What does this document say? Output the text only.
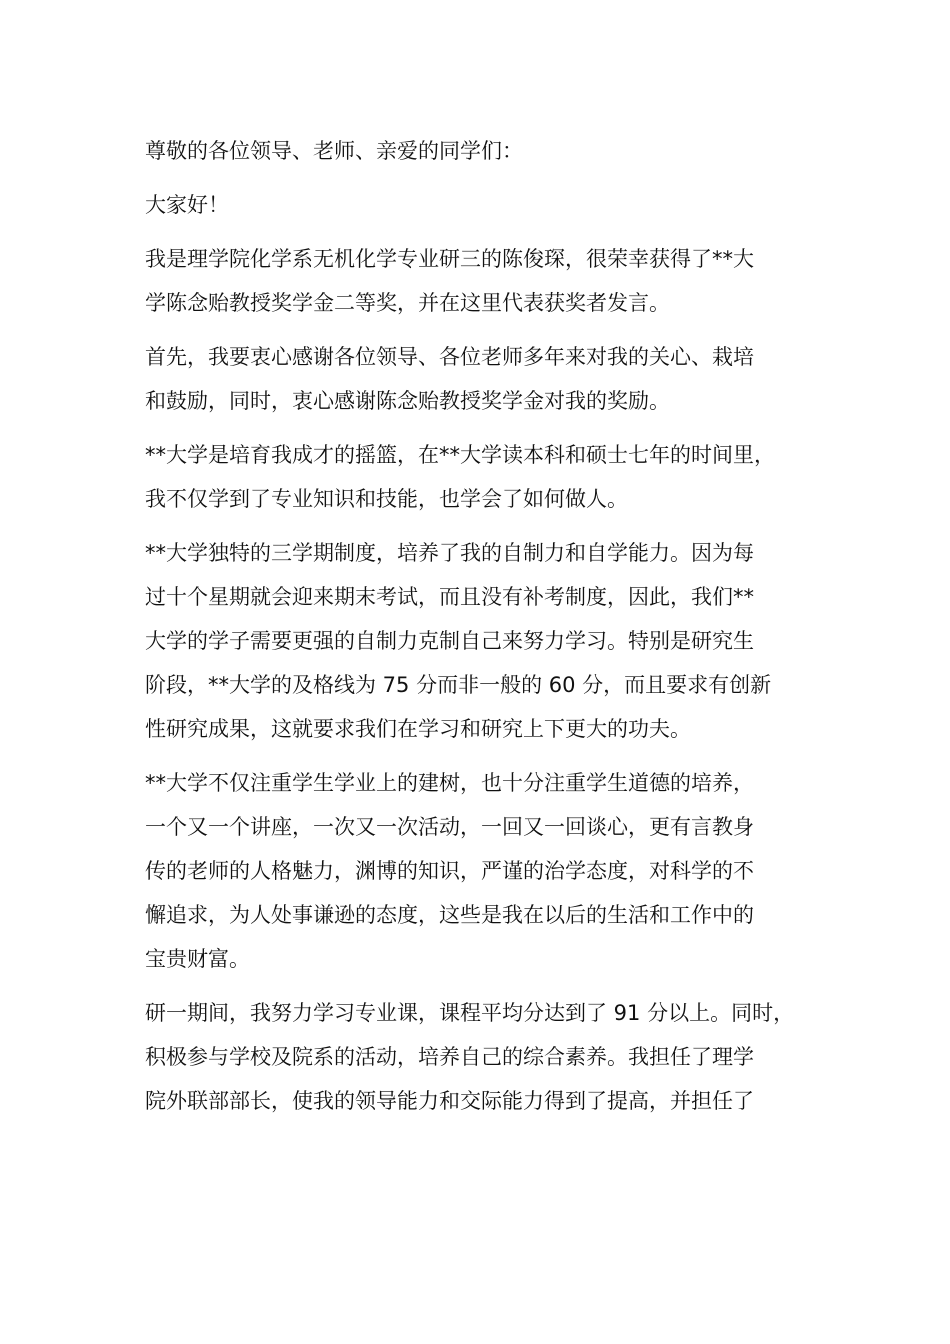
尊敬的各位领导、老师、亲爱的同学们：
大家好！
我是理学院化学系无机化学专业研三的陈俊琛，很荣幸获得了**大
学陈念贻教授奖学金二等奖，并在这里代表获奖者发言。
首先，我要衷心感谢各位领导、各位老师多年来对我的关心、栽培
和鼓励，同时，衷心感谢陈念贻教授奖学金对我的奖励。
**大学是培育我成才的摇篮，在**大学读本科和硕士七年的时间里，
我不仅学到了专业知识和技能，也学会了如何做人。
**大学独特的三学期制度，培养了我的自制力和自学能力。因为每
过十个星期就会迎来期末考试，而且没有补考制度，因此，我们**
大学的学子需要更强的自制力克制自己来努力学习。特别是研究生
阶段，**大学的及格线为 75 分而非一般的 60 分，而且要求有创新
性研究成果，这就要求我们在学习和研究上下更大的功夫。
**大学不仅注重学生学业上的建树，也十分注重学生道德的培养，
一个又一个讲座，一次又一次活动，一回又一回谈心，更有言教身
传的老师的人格魅力，渊博的知识，严谨的治学态度，对科学的不
懈追求，为人处事谦逊的态度，这些是我在以后的生活和工作中的
宝贵财富。
研一期间，我努力学习专业课，课程平均分达到了 91 分以上。同时，
积极参与学校及院系的活动，培养自己的综合素养。我担任了理学
院外联部部长，使我的领导能力和交际能力得到了提高，并担任了
